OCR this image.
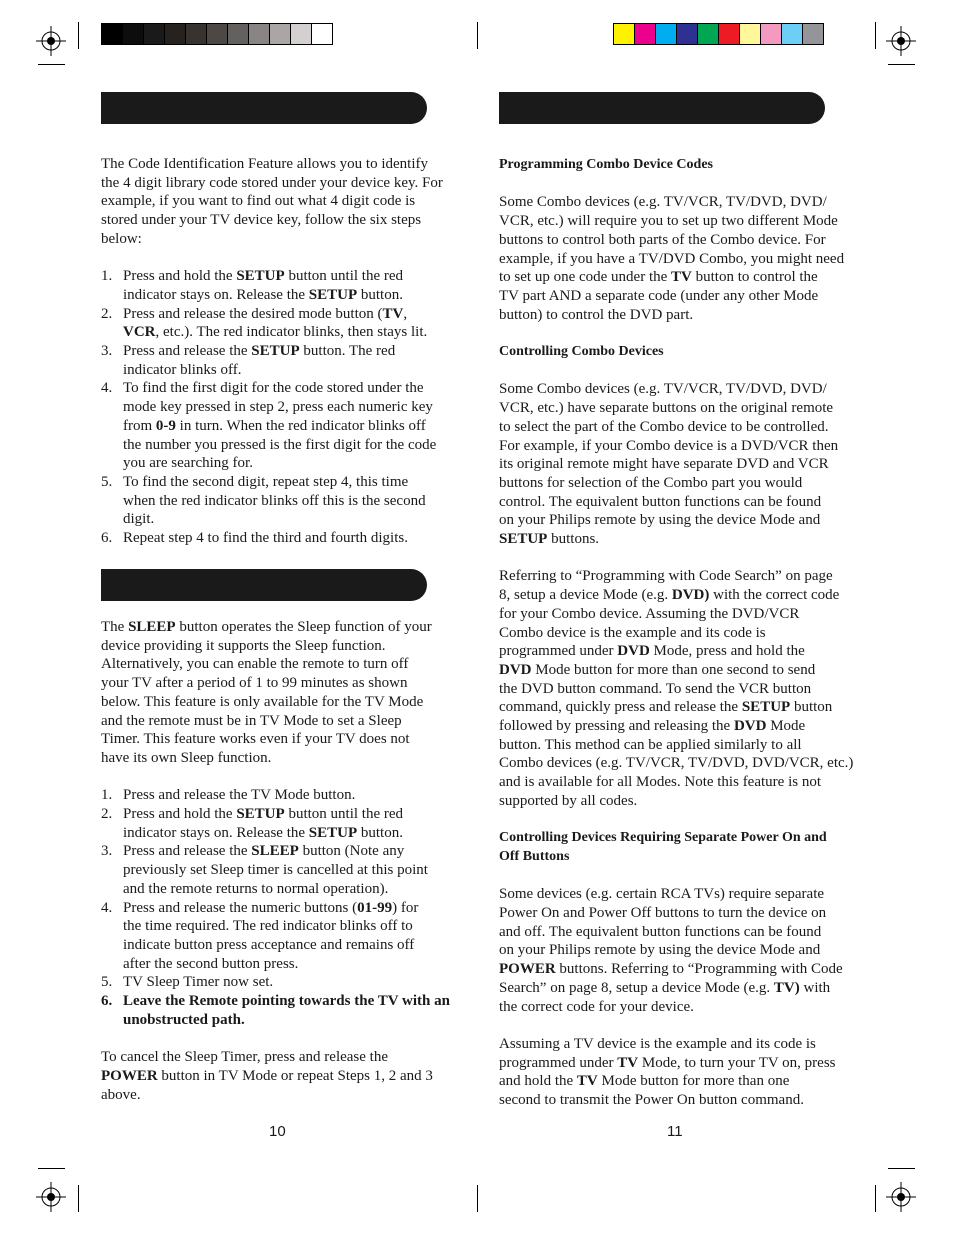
The Code Identification Feature allows you to identify
the 4 digit library code stored under your device key. For
example, if you want to find out what 4 digit code is
stored under your TV device key, follow the six steps
below:
1. Press and hold the SETUP button until the red
indicator stays on. Release the SETUP button.
2. Press and release the desired mode button (TV,
VCR, etc.). The red indicator blinks, then stays lit.
3. Press and release the SETUP button. The red
indicator blinks off.
4. To find the first digit for the code stored under the
mode key pressed in step 2, press each numeric key
from 0-9 in turn. When the red indicator blinks off
the number you pressed is the first digit for the code
you are searching for.
5. To find the second digit, repeat step 4, this time
when the red indicator blinks off this is the second
digit.
6. Repeat step 4 to find the third and fourth digits.
The SLEEP button operates the Sleep function of your
device providing it supports the Sleep function.
Alternatively, you can enable the remote to turn off
your TV after a period of 1 to 99 minutes as shown
below. This feature is only available for the TV Mode
and the remote must be in TV Mode to set a Sleep
Timer. This feature works even if your TV does not
have its own Sleep function.
1. Press and release the TV Mode button.
2. Press and hold the SETUP button until the red
indicator stays on. Release the SETUP button.
3. Press and release the SLEEP button (Note any
previously set Sleep timer is cancelled at this point
and the remote returns to normal operation).
4. Press and release the numeric buttons (01-99) for
the time required. The red indicator blinks off to
indicate button press acceptance and remains off
after the second button press.
5. TV Sleep Timer now set.
6. Leave the Remote pointing towards the TV with an
unobstructed path.
To cancel the Sleep Timer, press and release the
POWER button in TV Mode or repeat Steps 1, 2 and 3
above.
10

Programming Combo Device Codes

Some Combo devices (e.g. TV/VCR, TV/DVD, DVD/
VCR, etc.) will require you to set up two different Mode
buttons to control both parts of the Combo device. For
example, if you have a TV/DVD Combo, you might need
to set up one code under the TV button to control the
TV part AND a separate code (under any other Mode
button) to control the DVD part.

Controlling Combo Devices

Some Combo devices (e.g. TV/VCR, TV/DVD, DVD/
VCR, etc.) have separate buttons on the original remote
to select the part of the Combo device to be controlled.
For example, if your Combo device is a DVD/VCR then
its original remote might have separate DVD and VCR
buttons for selection of the Combo part you would
control. The equivalent button functions can be found
on your Philips remote by using the device Mode and
SETUP buttons.
Referring to “Programming with Code Search” on page
8, setup a device Mode (e.g. DVD) with the correct code
for your Combo device. Assuming the DVD/VCR
Combo device is the example and its code is
programmed under DVD Mode, press and hold the
DVD Mode button for more than one second to send
the DVD button command. To send the VCR button
command, quickly press and release the SETUP button
followed by pressing and releasing the DVD Mode
button. This method can be applied similarly to all
Combo devices (e.g. TV/VCR, TV/DVD, DVD/VCR, etc.)
and is available for all Modes. Note this feature is not
supported by all codes.
Controlling Devices Requiring Separate Power On and
Off Buttons
Some devices (e.g. certain RCA TVs) require separate
Power On and Power Off buttons to turn the device on
and off. The equivalent button functions can be found
on your Philips remote by using the device Mode and
POWER buttons. Referring to “Programming with Code
Search” on page 8, setup a device Mode (e.g. TV) with
the correct code for your device.
Assuming a TV device is the example and its code is
programmed under TV Mode, to turn your TV on, press
and hold the TV Mode button for more than one
second to transmit the Power On button command.
11
